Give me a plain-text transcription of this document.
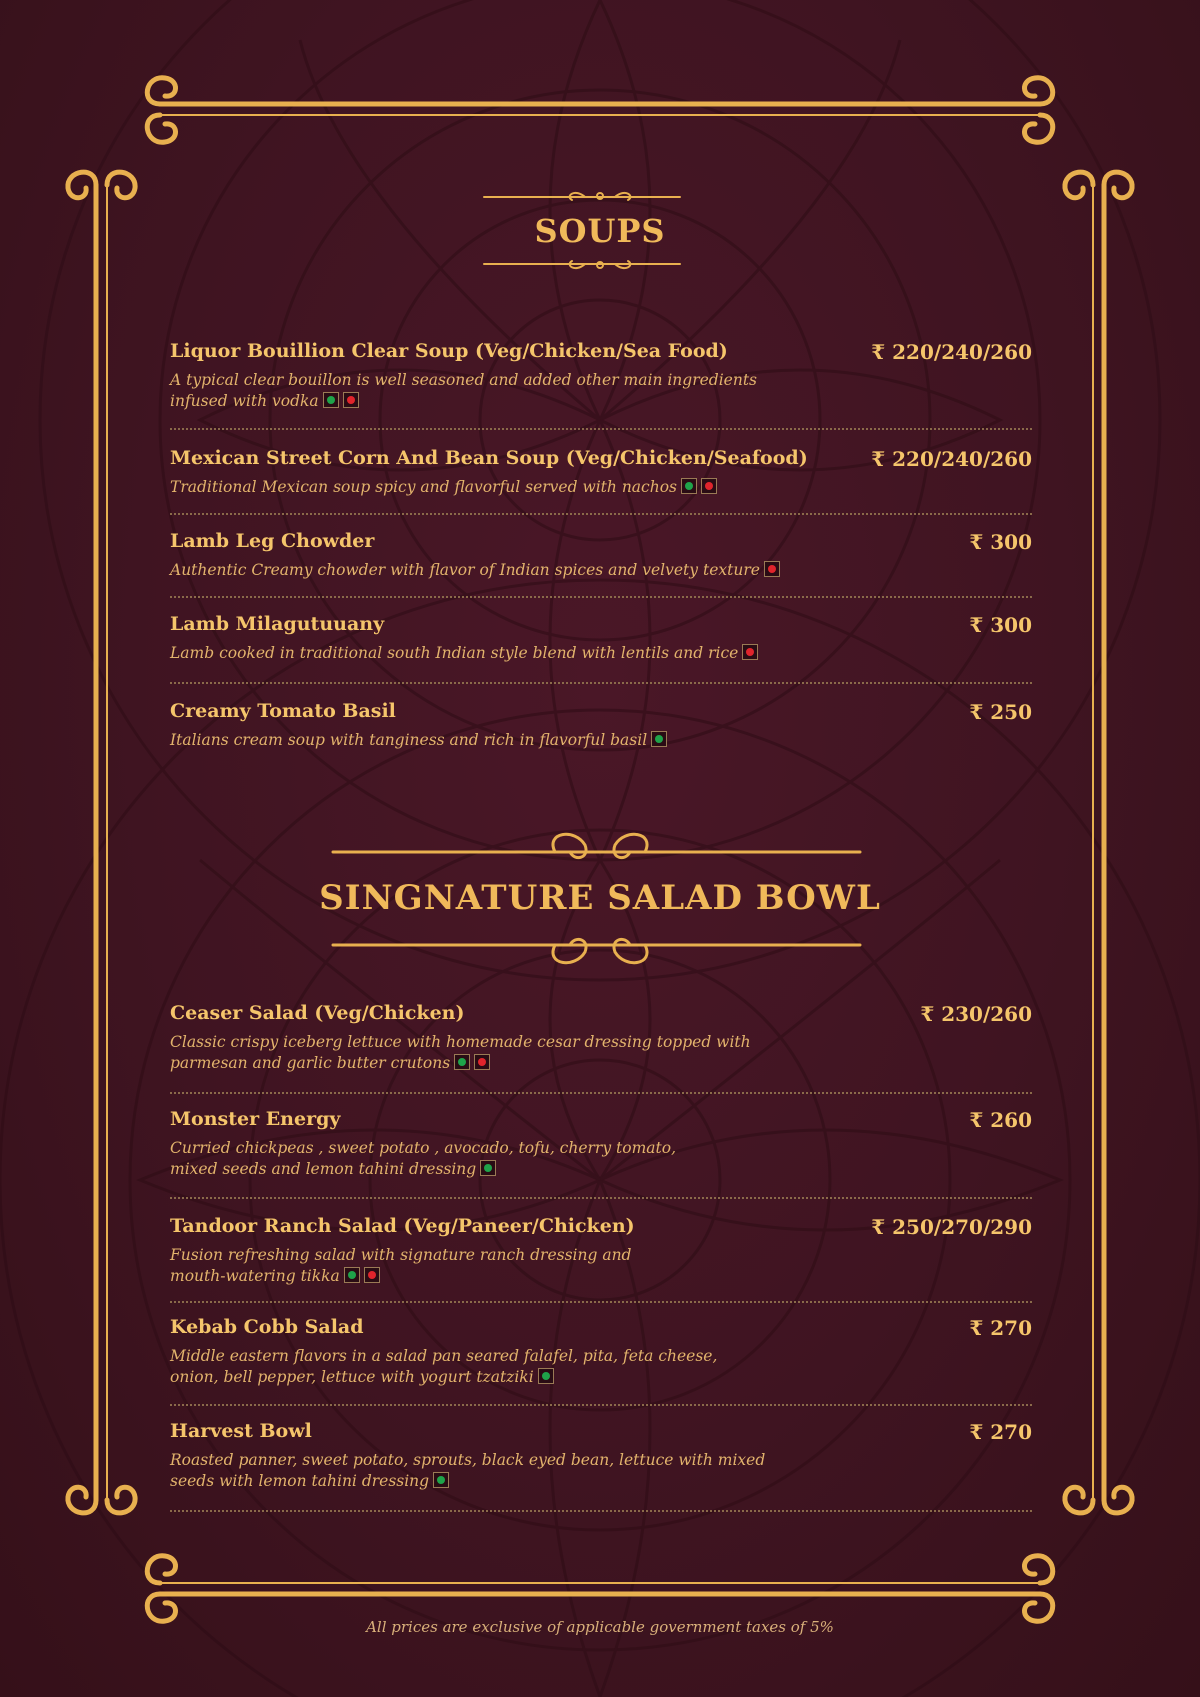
SOUPS
Liquor Bouillion Clear Soup (Veg/Chicken/Sea Food)	₹ 220/240/260
A typical clear bouillon is well seasoned and added other main ingredients infused with vodka
Mexican Street Corn And Bean Soup (Veg/Chicken/Seafood)	₹ 220/240/260
Traditional Mexican soup spicy and flavorful served with nachos
Lamb Leg Chowder	₹ 300
Authentic Creamy chowder with flavor of Indian spices and velvety texture
Lamb Milagutuuany	₹ 300
Lamb cooked in traditional south Indian style blend with lentils and rice
Creamy Tomato Basil	₹ 250
Italians cream soup with tanginess and rich in flavorful basil
SINGNATURE SALAD BOWL
Ceaser Salad (Veg/Chicken)	₹ 230/260
Classic crispy iceberg lettuce with homemade cesar dressing topped with parmesan and garlic butter crutons
Monster Energy	₹ 260
Curried chickpeas , sweet potato , avocado, tofu, cherry tomato, mixed seeds and lemon tahini dressing
Tandoor Ranch Salad (Veg/Paneer/Chicken)	₹ 250/270/290
Fusion refreshing salad with signature ranch dressing and mouth-watering tikka
Kebab Cobb Salad	₹ 270
Middle eastern flavors in a salad pan seared falafel, pita, feta cheese, onion, bell pepper, lettuce with yogurt tzatziki
Harvest Bowl	₹ 270
Roasted panner, sweet potato, sprouts, black eyed bean, lettuce with mixed seeds with lemon tahini dressing
All prices are exclusive of applicable government taxes of 5%
